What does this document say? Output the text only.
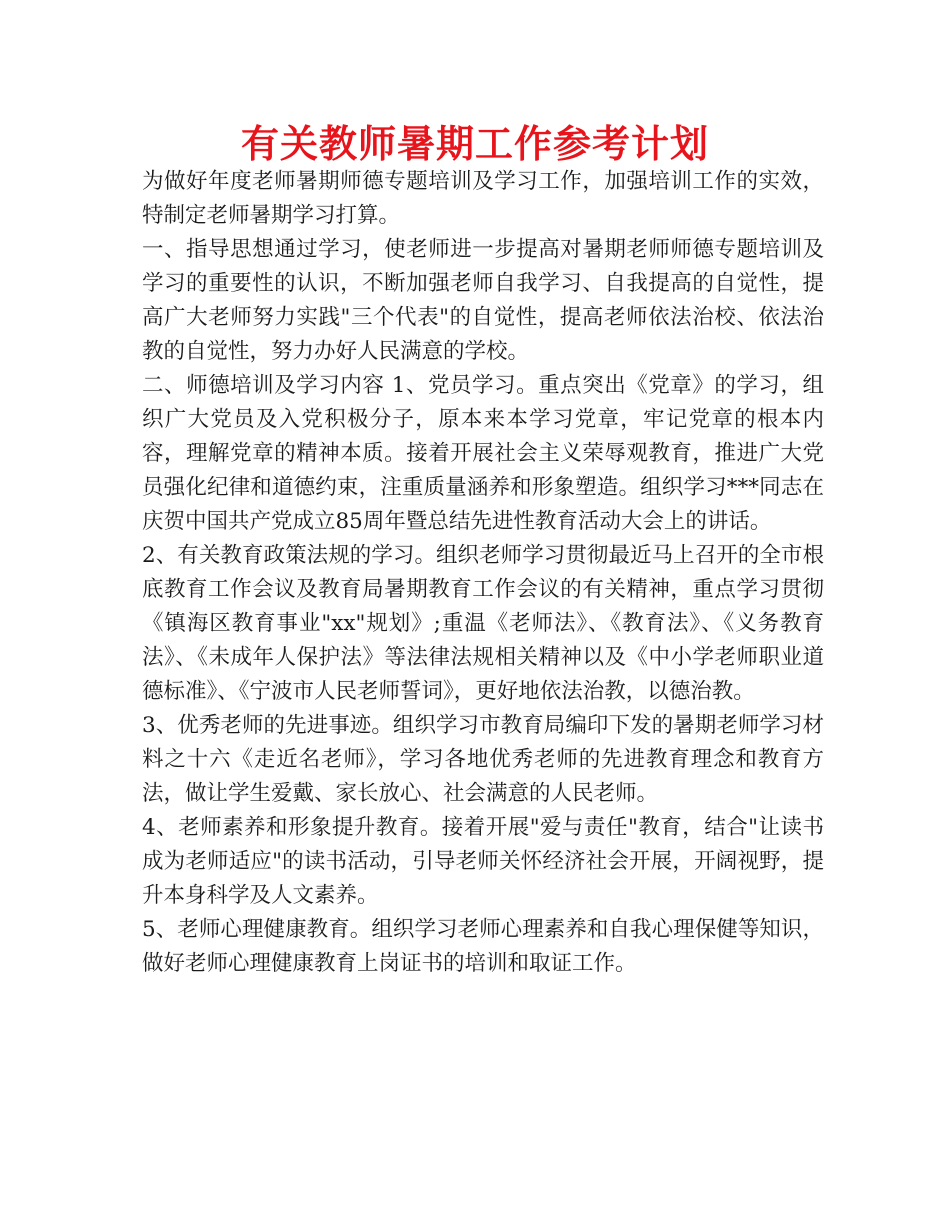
有关教师暑期工作参考计划

为做好年度老师暑期师德专题培训及学习工作，加强培训工作的实效，特制定老师暑期学习打算。

一、指导思想通过学习，使老师进一步提高对暑期老师师德专题培训及学习的重要性的认识，不断加强老师自我学习、自我提高的自觉性，提高广大老师努力实践"三个代表"的自觉性，提高老师依法治校、依法治教的自觉性，努力办好人民满意的学校。

二、师德培训及学习内容 1、党员学习。重点突出《党章》的学习，组织广大党员及入党积极分子，原本来本学习党章，牢记党章的根本内容，理解党章的精神本质。接着开展社会主义荣辱观教育，推进广大党员强化纪律和道德约束，注重质量涵养和形象塑造。组织学习***同志在庆贺中国共产党成立85周年暨总结先进性教育活动大会上的讲话。

2、有关教育政策法规的学习。组织老师学习贯彻最近马上召开的全市根底教育工作会议及教育局暑期教育工作会议的有关精神，重点学习贯彻《镇海区教育事业"xx"规划》;重温《老师法》、《教育法》、《义务教育法》、《未成年人保护法》等法律法规相关精神以及《中小学老师职业道德标准》、《宁波市人民老师誓词》，更好地依法治教，以德治教。

3、优秀老师的先进事迹。组织学习市教育局编印下发的暑期老师学习材料之十六《走近名老师》，学习各地优秀老师的先进教育理念和教育方法，做让学生爱戴、家长放心、社会满意的人民老师。

4、老师素养和形象提升教育。接着开展"爱与责任"教育，结合"让读书成为老师适应"的读书活动，引导老师关怀经济社会开展，开阔视野，提升本身科学及人文素养。

5、老师心理健康教育。组织学习老师心理素养和自我心理保健等知识，做好老师心理健康教育上岗证书的培训和取证工作。
